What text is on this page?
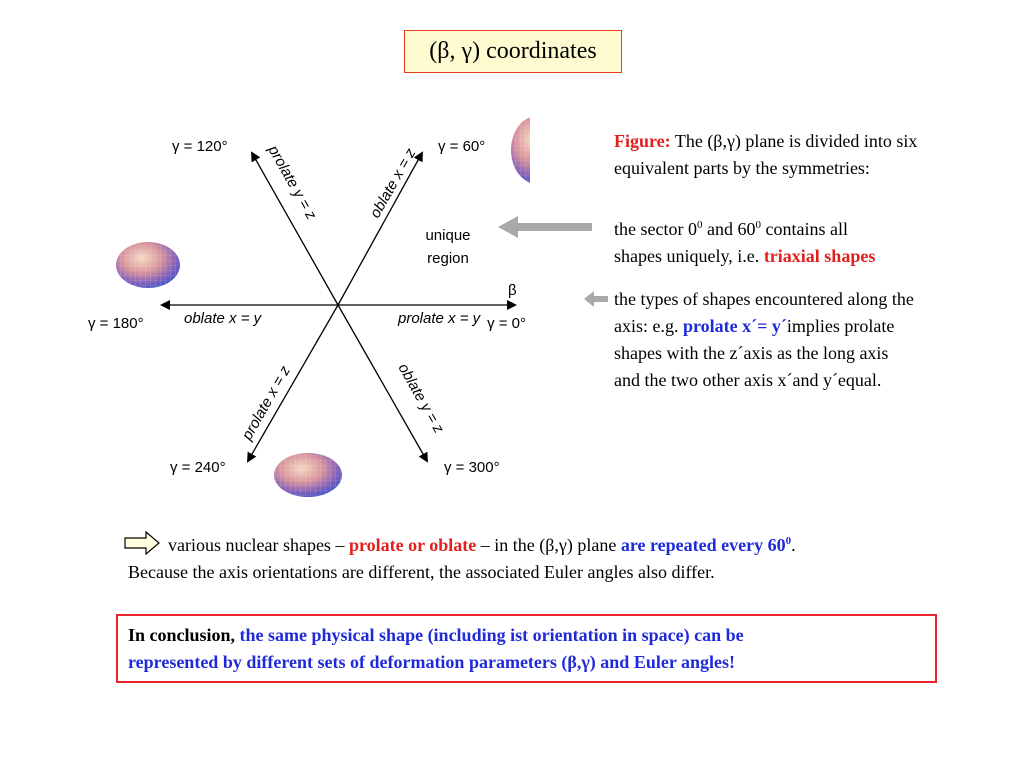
(β, γ) coordinates
γ = 120°	γ = 60°
γ = 180°	γ = 0°
γ = 240°	γ = 300°
β
unique
region
oblate x = y	prolate x = y
prolate y = z	oblate x = z
prolate x = z	oblate y = z
Figure: The (β,γ) plane is divided into six
equivalent parts by the symmetries:
the sector $0^0$ and $60^0$ contains all
shapes uniquely, i.e. triaxial shapes
the types of shapes encountered along the
axis: e.g. prolate x´= y´implies prolate
shapes with the z´axis as the long axis
and the two other axis x´and y´equal.
various nuclear shapes – prolate or oblate – in the (β,γ) plane are repeated every $60^0$.
Because the axis orientations are different, the associated Euler angles also differ.
In conclusion, the same physical shape (including ist orientation in space) can be
represented by different sets of deformation parameters (β,γ) and Euler angles!
